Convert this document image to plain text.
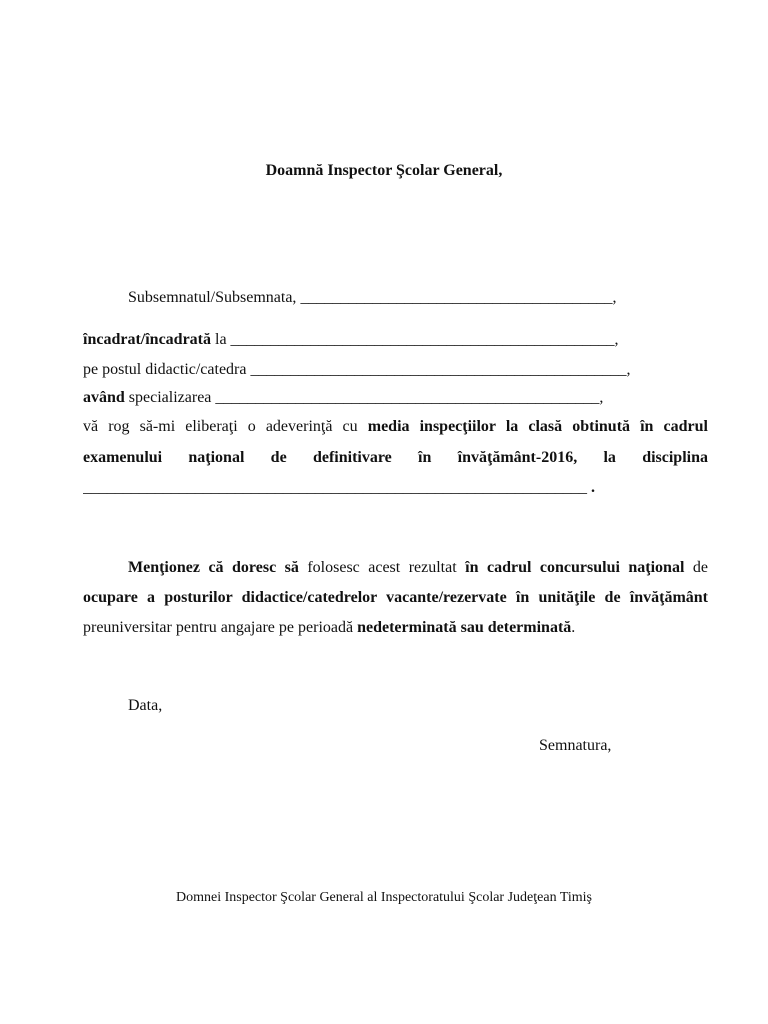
Doamnă Inspector Şcolar General,
Subsemnatul/Subsemnata, _______________________________________,
încadrat/încadrată la ________________________________________________,
pe postul didactic/catedra _______________________________________________,
având specializarea ________________________________________________,
vă rog să-mi eliberaţi o adeverinţă cu media inspecţiilor la clasă obtinută în cadrul
examenului naţional de definitivare în învăţământ-2016, la disciplina
_______________________________________________________________ .
Menţionez că doresc să folosesc acest rezultat în cadrul concursului naţional de
ocupare a posturilor didactice/catedrelor vacante/rezervate în unităţile de învăţământ
preuniversitar pentru angajare pe perioadă nedeterminată sau determinată.
Data,
Semnatura,
Domnei Inspector Şcolar General al Inspectoratului Şcolar Judeţean Timiş
